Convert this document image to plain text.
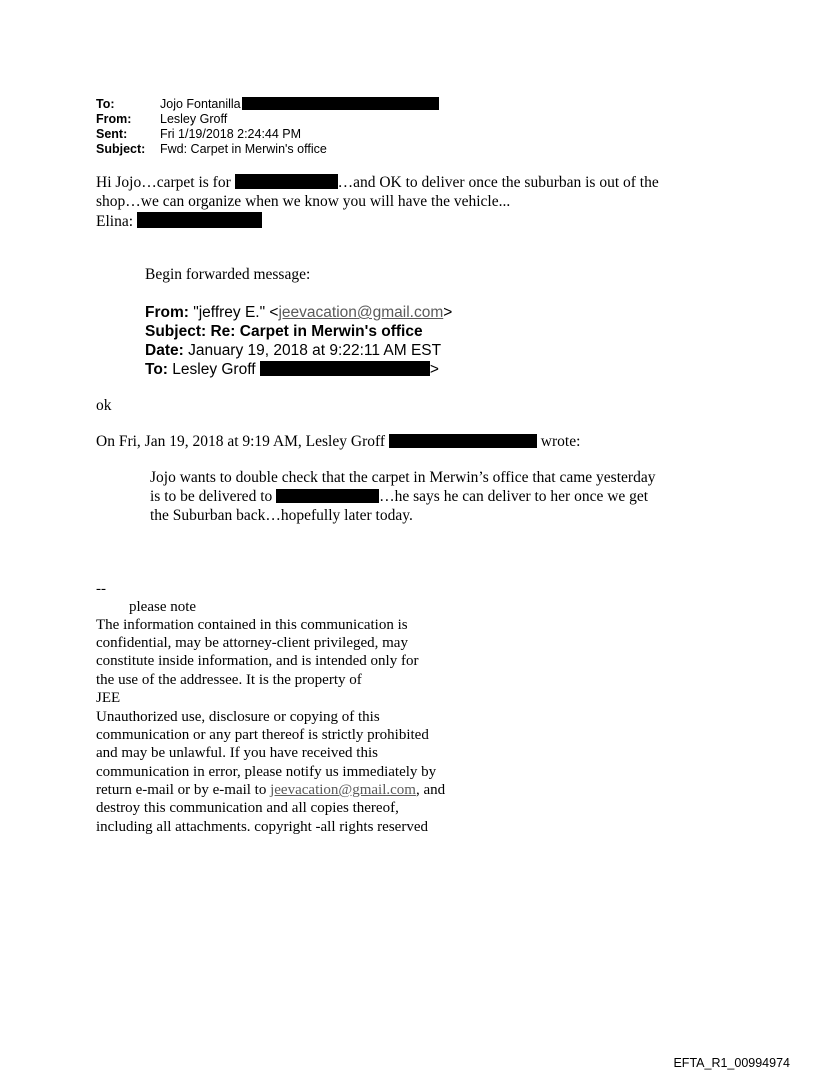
To:	Jojo Fontanilla
From: Lesley Groff
Sent:	Fri 1/19/2018 2:24:44 PM
Subject: Fwd: Carpet in Merwin's office
Hi Jojo…carpet is for	…and OK to deliver once the suburban is out of the
shop…we can organize when we know you will have the vehicle...
Elina:
Begin forwarded message:
From: "jeffrey E." <jeevacation@gmail.com>
Subject: Re: Carpet in Merwin's office
Date: January 19, 2018 at 9:22:11 AM EST
To: Lesley Groff	>
ok
On Fri, Jan 19, 2018 at 9:19 AM, Lesley Groff	wrote:
Jojo wants to double check that the carpet in Merwin’s office that came yesterday
is to be delivered to	…he says he can deliver to her once we get
the Suburban back…hopefully later today.
--
please note
The information contained in this communication is
confidential, may be attorney-client privileged, may
constitute inside information, and is intended only for
the use of the addressee. It is the property of
JEE
Unauthorized use, disclosure or copying of this
communication or any part thereof is strictly prohibited
and may be unlawful. If you have received this
communication in error, please notify us immediately by
return e-mail or by e-mail to jeevacation@gmail.com, and
destroy this communication and all copies thereof,
including all attachments. copyright -all rights reserved
EFTA_R1_00994974
